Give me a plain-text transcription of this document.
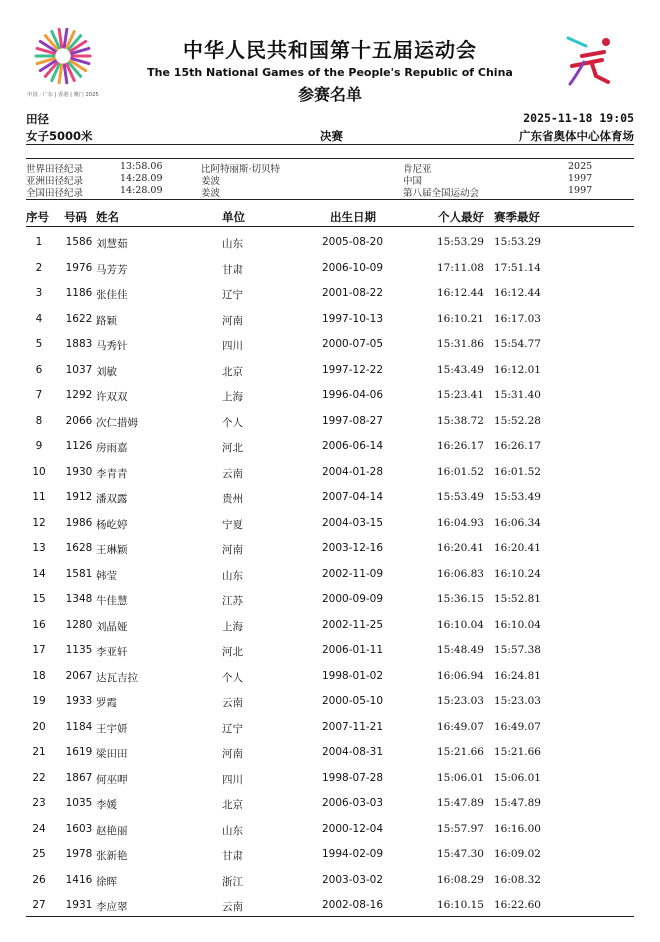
中国 · 广东 | 香港 | 澳门 2025
中华人民共和国第十五届运动会
The 15th National Games of the People's Republic of China
参赛名单
田径	2025-11-18 19:05
女子5000米	决赛	广东省奥体中心体育场

世界田径纪录	13:58.06	比阿特丽斯·切贝特	肯尼亚	2025
亚洲田径纪录	14:28.09	姜波	中国	1997
全国田径纪录	14:28.09	姜波	第八届全国运动会	1997
序号 号码 姓名	单位	出生日期	个人最好 赛季最好
1	1586 刘慧茹	山东	2005-08-20	15:53.29 15:53.29
2	1976 马芳芳	甘肃	2006-10-09	17:11.08 17:51.14
3	1186 张佳佳	辽宁	2001-08-22	16:12.44 16:12.44
4	1622 路颖	河南	1997-10-13	16:10.21 16:17.03
5	1883 马秀针	四川	2000-07-05	15:31.86 15:54.77
6	1037 刘敏	北京	1997-12-22	15:43.49 16:12.01
7	1292 许双双	上海	1996-04-06	15:23.41 15:31.40
8	2066 次仁措姆	个人	1997-08-27	15:38.72 15:52.28
9	1126 房雨嘉	河北	2006-06-14	16:26.17 16:26.17
10	1930 李青青	云南	2004-01-28	16:01.52 16:01.52
11	1912 潘双露	贵州	2007-04-14	15:53.49 15:53.49
12	1986 杨屹婷	宁夏	2004-03-15	16:04.93 16:06.34
13	1628 王琳颖	河南	2003-12-16	16:20.41 16:20.41
14	1581 韩莹	山东	2002-11-09	16:06.83 16:10.24
15	1348 牛佳慧	江苏	2000-09-09	15:36.15 15:52.81
16	1280 刘晶娅	上海	2002-11-25	16:10.04 16:10.04
17	1135 李亚轩	河北	2006-01-11	15:48.49 15:57.38
18	2067 达瓦吉拉	个人	1998-01-02	16:06.94 16:24.81
19	1933 罗霞	云南	2000-05-10	15:23.03 15:23.03
20	1184 王宇妍	辽宁	2007-11-21	16:49.07 16:49.07
21	1619 梁田田	河南	2004-08-31	15:21.66 15:21.66
22	1867 何巫呷	四川	1998-07-28	15:06.01 15:06.01
23	1035 李媛	北京	2006-03-03	15:47.89 15:47.89
24	1603 赵艳丽	山东	2000-12-04	15:57.97 16:16.00
25	1978 张新艳	甘肃	1994-02-09	15:47.30 16:09.02
26	1416 徐晖	浙江	2003-03-02	16:08.29 16:08.32
27	1931 李应翠	云南	2002-08-16	16:10.15 16:22.60
